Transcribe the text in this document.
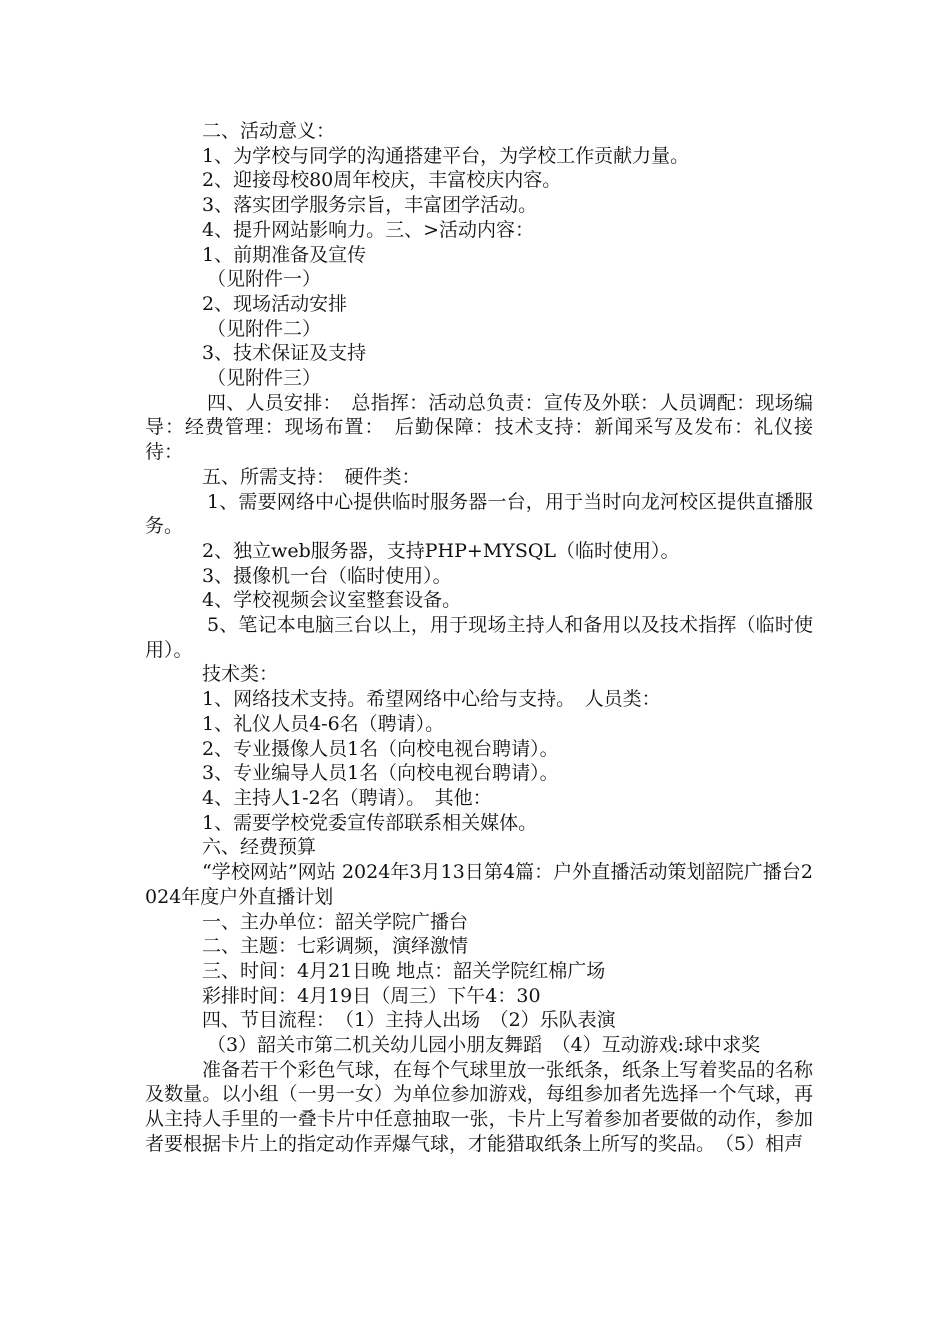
二、活动意义：

1、为学校与同学的沟通搭建平台，为学校工作贡献力量。

2、迎接母校80周年校庆，丰富校庆内容。

3、落实团学服务宗旨，丰富团学活动。

4、提升网站影响力。三、>活动内容：

1、前期准备及宣传

（见附件一）

2、现场活动安排

（见附件二）

3、技术保证及支持

（见附件三）

四、人员安排：　总指挥：活动总负责：宣传及外联：人员调配：现场编导：经费管理：现场布置：　后勤保障：技术支持：新闻采写及发布：礼仪接待：

五、所需支持：　硬件类：

1、需要网络中心提供临时服务器一台，用于当时向龙河校区提供直播服务。

2、独立web服务器，支持PHP+MYSQL（临时使用）。

3、摄像机一台（临时使用）。

4、学校视频会议室整套设备。

5、笔记本电脑三台以上，用于现场主持人和备用以及技术指挥（临时使用）。

技术类：

1、网络技术支持。希望网络中心给与支持。　人员类：

1、礼仪人员4-6名（聘请）。

2、专业摄像人员1名（向校电视台聘请）。

3、专业编导人员1名（向校电视台聘请）。

4、主持人1-2名（聘请）。　其他：

1、需要学校党委宣传部联系相关媒体。

六、经费预算

“学校网站”网站 2024年3月13日第4篇：户外直播活动策划韶院广播台2024年度户外直播计划

一、主办单位：韶关学院广播台

二、主题：七彩调频，演绎激情

三、时间：4月21日晚 地点：韶关学院红棉广场

彩排时间：4月19日（周三）下午4：30

四、节目流程：　（1）主持人出场　（2）乐队表演

（3）韶关市第二机关幼儿园小朋友舞蹈　（4）互动游戏:球中求奖

准备若干个彩色气球，在每个气球里放一张纸条，纸条上写着奖品的名称及数量。以小组（一男一女）为单位参加游戏，每组参加者先选择一个气球，再从主持人手里的一叠卡片中任意抽取一张，卡片上写着参加者要做的动作，参加者要根据卡片上的指定动作弄爆气球，才能猎取纸条上所写的奖品。　（5）相声
